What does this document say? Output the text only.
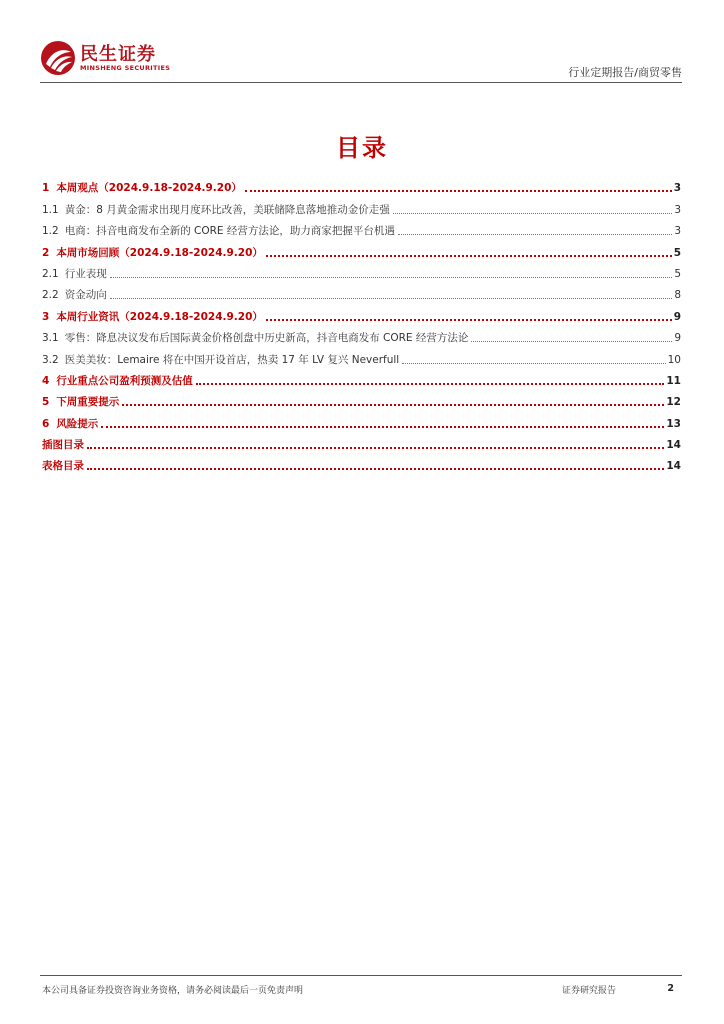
民生证券
MINSHENG SECURITIES	行业定期报告/商贸零售
目录
1 本周观点（2024.9.18-2024.9.20）	3
1.1 黄金：8 月黄金需求出现月度环比改善，美联储降息落地推动金价走强	3
1.2 电商：抖音电商发布全新的 CORE 经营方法论，助力商家把握平台机遇	3
2 本周市场回顾（2024.9.18-2024.9.20）	5
2.1 行业表现	5
2.2 资金动向	8
3 本周行业资讯（2024.9.18-2024.9.20）	9
3.1 零售：降息决议发布后国际黄金价格创盘中历史新高，抖音电商发布 CORE 经营方法论	9
3.2 医美美妆：Lemaire 将在中国开设首店，热卖 17 年 LV 复兴 Neverfull	10
4 行业重点公司盈利预测及估值	11
5 下周重要提示	12
6 风险提示	13
插图目录	14
表格目录	14
本公司具备证券投资咨询业务资格，请务必阅读最后一页免责声明	证券研究报告	2
